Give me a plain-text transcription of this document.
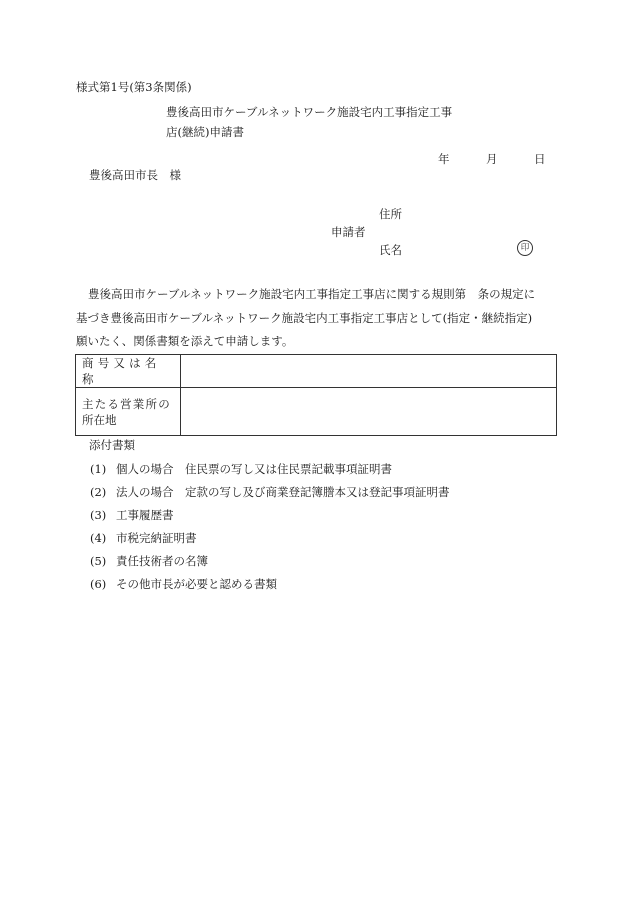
様式第1号(第3条関係)
豊後高田市ケーブルネットワーク施設宅内工事指定工事
店(継続)申請書
年	月	日
豊後高田市長　様
住所
申請者
氏名	印
豊後高田市ケーブルネットワーク施設宅内工事指定工事店に関する規則第　条の規定に
基づき豊後高田市ケーブルネットワーク施設宅内工事指定工事店として(指定・継続指定)
願いたく、関係書類を添えて申請します。
商号又は名称	

主たる営業所の
所在地	

添付書類
(1) 個人の場合　住民票の写し又は住民票記載事項証明書
(2) 法人の場合　定款の写し及び商業登記簿謄本又は登記事項証明書
(3) 工事履歴書
(4) 市税完納証明書
(5) 責任技術者の名簿
(6) その他市長が必要と認める書類
